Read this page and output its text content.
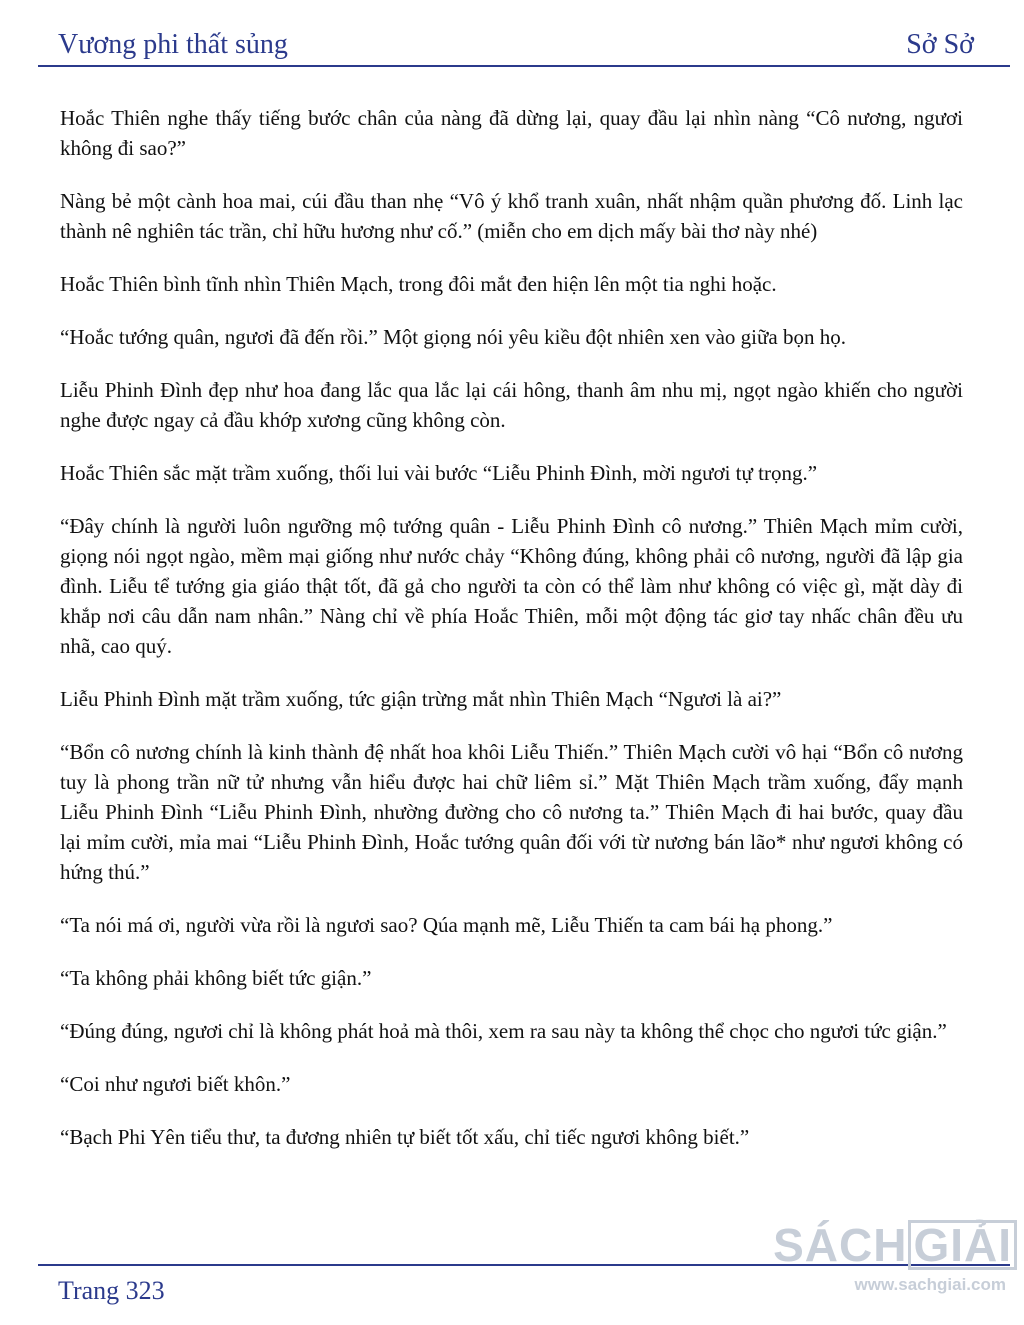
Vương phi thất sủng	Sở Sở

Hoắc Thiên nghe thấy tiếng bước chân của nàng đã dừng lại, quay đầu lại nhìn nàng “Cô nương, ngươi không đi sao?”

Nàng bẻ một cành hoa mai, cúi đầu than nhẹ “Vô ý khổ tranh xuân, nhất nhậm quần phương đố. Linh lạc thành nê nghiên tác trần, chỉ hữu hương như cố.” (miễn cho em dịch mấy bài thơ này nhé)

Hoắc Thiên bình tĩnh nhìn Thiên Mạch, trong đôi mắt đen hiện lên một tia nghi hoặc.

“Hoắc tướng quân, ngươi đã đến rồi.” Một giọng nói yêu kiều đột nhiên xen vào giữa bọn họ.

Liễu Phinh Đình đẹp như hoa đang lắc qua lắc lại cái hông, thanh âm nhu mị, ngọt ngào khiến cho người nghe được ngay cả đầu khớp xương cũng không còn.

Hoắc Thiên sắc mặt trầm xuống, thối lui vài bước “Liễu Phinh Đình, mời ngươi tự trọng.”

“Đây chính là người luôn ngưỡng mộ tướng quân - Liễu Phinh Đình cô nương.” Thiên Mạch mỉm cười, giọng nói ngọt ngào, mềm mại giống như nước chảy “Không đúng, không phải cô nương, người đã lập gia đình. Liễu tể tướng gia giáo thật tốt, đã gả cho người ta còn có thể làm như không có việc gì, mặt dày đi khắp nơi câu dẫn nam nhân.” Nàng chỉ về phía Hoắc Thiên, mỗi một động tác giơ tay nhấc chân đều ưu nhã, cao quý.

Liễu Phinh Đình mặt trầm xuống, tức giận trừng mắt nhìn Thiên Mạch “Ngươi là ai?”

“Bổn cô nương chính là kinh thành đệ nhất hoa khôi Liễu Thiến.” Thiên Mạch cười vô hại “Bổn cô nương tuy là phong trần nữ tử nhưng vẫn hiểu được hai chữ liêm sỉ.” Mặt Thiên Mạch trầm xuống, đẩy mạnh Liễu Phinh Đình “Liễu Phinh Đình, nhường đường cho cô nương ta.” Thiên Mạch đi hai bước, quay đầu lại mỉm cười, mỉa mai “Liễu Phinh Đình, Hoắc tướng quân đối với từ nương bán lão* như ngươi không có hứng thú.”

“Ta nói má ơi, người vừa rồi là ngươi sao? Qúa mạnh mẽ, Liễu Thiến ta cam bái hạ phong.”

“Ta không phải không biết tức giận.”

“Đúng đúng, ngươi chỉ là không phát hoả mà thôi, xem ra sau này ta không thể chọc cho ngươi tức giận.”

“Coi như ngươi biết khôn.”

“Bạch Phi Yên tiểu thư, ta đương nhiên tự biết tốt xấu, chỉ tiếc ngươi không biết.”

Trang 323
SÁCH GIẢI
www.sachgiai.com
